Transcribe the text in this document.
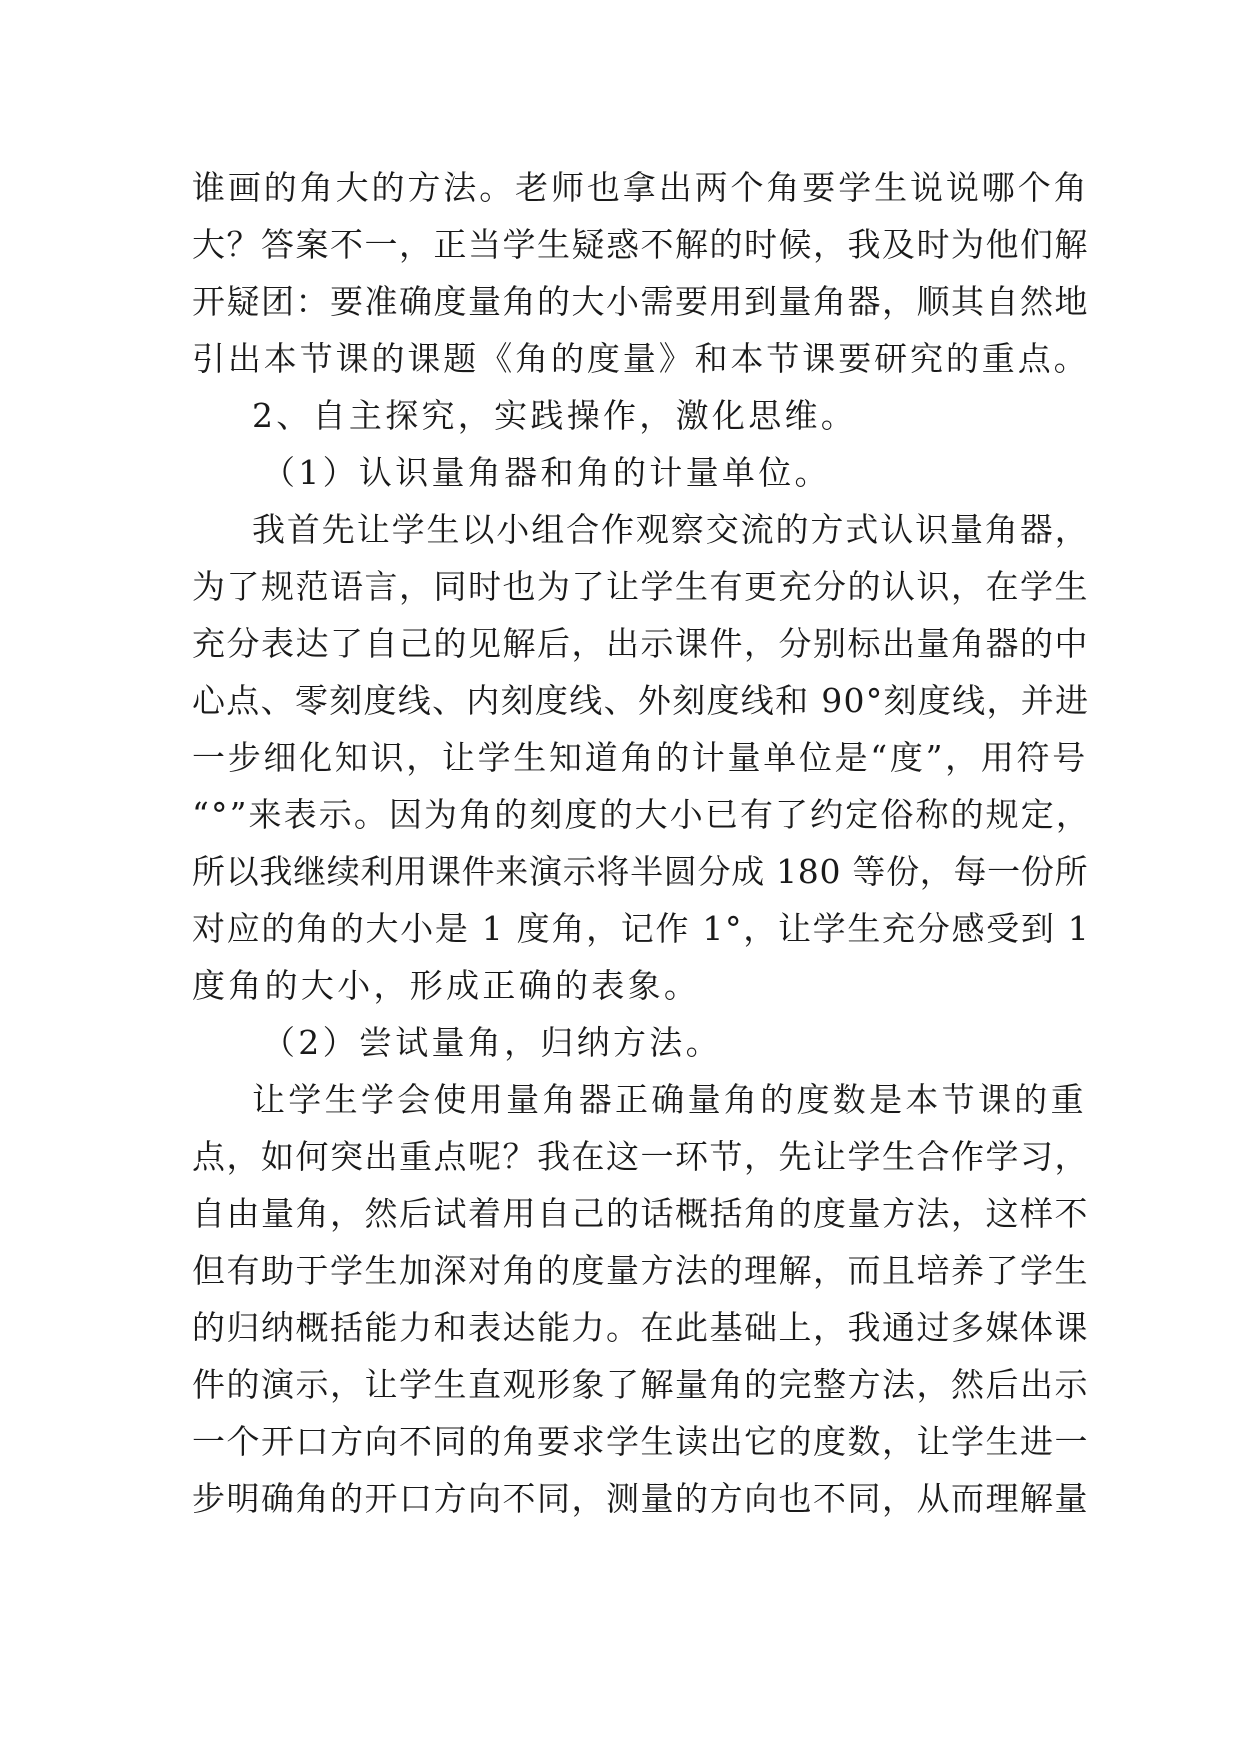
谁画的角大的方法。老师也拿出两个角要学生说说哪个角
大？答案不一，正当学生疑惑不解的时候，我及时为他们解
开疑团：要准确度量角的大小需要用到量角器，顺其自然地
引出本节课的课题《角的度量》和本节课要研究的重点。
2、自主探究，实践操作，激化思维。
（1）认识量角器和角的计量单位。
我首先让学生以小组合作观察交流的方式认识量角器，
为了规范语言，同时也为了让学生有更充分的认识，在学生
充分表达了自己的见解后，出示课件，分别标出量角器的中
心点、零刻度线、内刻度线、外刻度线和 90°刻度线，并进
一步细化知识，让学生知道角的计量单位是“度”，用符号
“°”来表示。因为角的刻度的大小已有了约定俗称的规定，
所以我继续利用课件来演示将半圆分成 180 等份，每一份所
对应的角的大小是 1 度角，记作 1°，让学生充分感受到 1
度角的大小，形成正确的表象。
（2）尝试量角，归纳方法。
让学生学会使用量角器正确量角的度数是本节课的重
点，如何突出重点呢？我在这一环节，先让学生合作学习，
自由量角，然后试着用自己的话概括角的度量方法，这样不
但有助于学生加深对角的度量方法的理解，而且培养了学生
的归纳概括能力和表达能力。在此基础上，我通过多媒体课
件的演示，让学生直观形象了解量角的完整方法，然后出示
一个开口方向不同的角要求学生读出它的度数，让学生进一
步明确角的开口方向不同，测量的方向也不同，从而理解量
